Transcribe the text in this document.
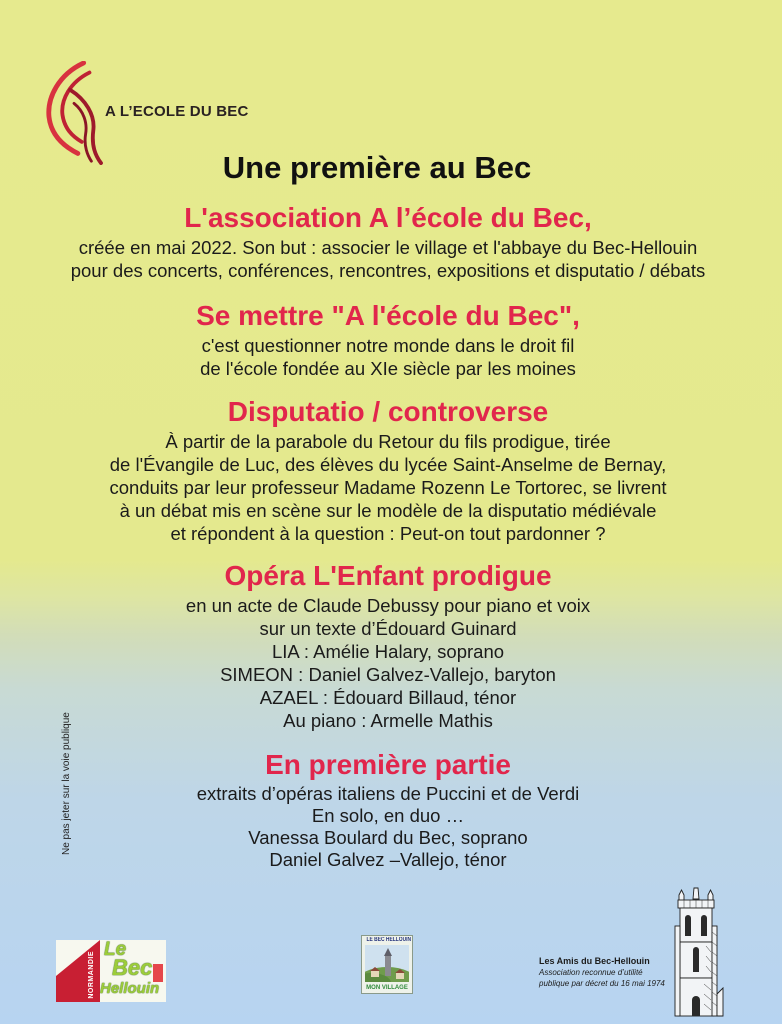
A L’ECOLE DU BEC
Une première au Bec
L'association A l’école du Bec,
créée en mai 2022. Son but : associer le village et l'abbaye du Bec-Hellouin
pour des concerts, conférences, rencontres, expositions et disputatio / débats
Se mettre "A l'école du Bec",
c'est questionner notre monde dans le droit fil
de l'école fondée au XIe siècle par les moines
Disputatio / controverse
À partir de la parabole du Retour du fils prodigue, tirée
de l'Évangile de Luc, des élèves du lycée Saint-Anselme de Bernay,
conduits par leur professeur Madame Rozenn Le Tortorec, se livrent
à un débat mis en scène sur le modèle de la disputatio médiévale
et répondent à la question : Peut-on tout pardonner ?
Opéra L'Enfant prodigue
en un acte de Claude Debussy pour piano et voix
sur un texte d’Édouard Guinard
LIA : Amélie Halary, soprano
SIMEON : Daniel Galvez-Vallejo, baryton
AZAEL : Édouard Billaud, ténor
Au piano : Armelle Mathis
En première partie
extraits d’opéras italiens de Puccini et de Verdi
En solo, en duo …
Vanessa Boulard du Bec, soprano
Daniel Galvez –Vallejo, ténor
Ne pas jeter sur la voie publique
NORMANDIE
Le
Bec
Hellouin
LE BEC HELLOUIN
MON VILLAGE
Les Amis du Bec-Hellouin
Association reconnue d’utilité
publique par décret du 16 mai 1974
